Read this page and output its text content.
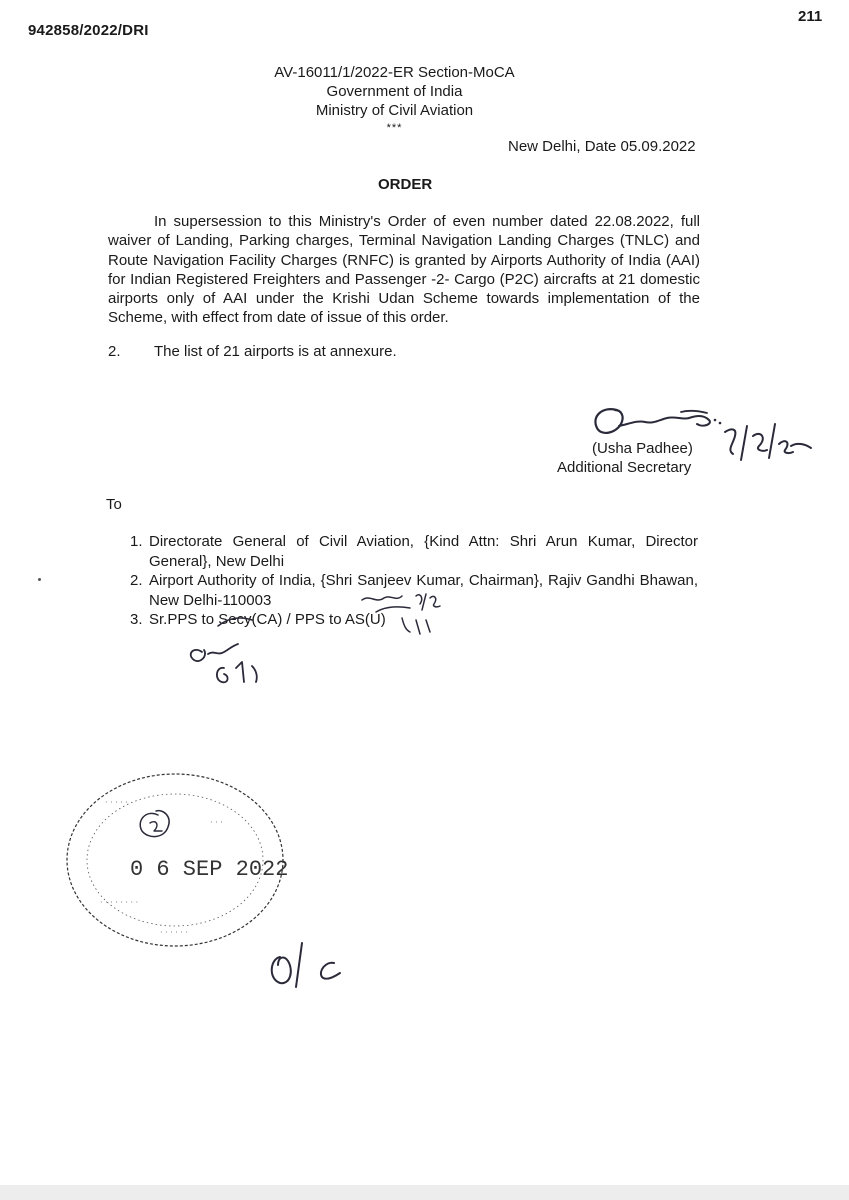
942858/2022/DRI
211
AV-16011/1/2022-ER Section-MoCA
Government of India
Ministry of Civil Aviation
***
New Delhi, Date 05.09.2022
ORDER
In supersession to this Ministry's Order of even number dated 22.08.2022, full waiver of Landing, Parking charges, Terminal Navigation Landing Charges (TNLC) and Route Navigation Facility Charges (RNFC) is granted by Airports Authority of India (AAI) for Indian Registered Freighters and Passenger -2- Cargo (P2C) aircrafts at 21 domestic airports only of AAI under the Krishi Udan Scheme towards implementation of the Scheme, with effect from date of issue of this order.
2. The list of 21 airports is at annexure.
(Usha Padhee)
Additional Secretary
To
1. Directorate General of Civil Aviation, {Kind Attn: Shri Arun Kumar, Director General}, New Delhi
2. Airport Authority of India, {Shri Sanjeev Kumar, Chairman}, Rajiv Gandhi Bhawan, New Delhi-110003
3. Sr.PPS to Secy(CA) / PPS to AS(U)
0 6 SEP 2022
· · · · ·
· · ·
· · · · · · · ·
· · · · · ·
